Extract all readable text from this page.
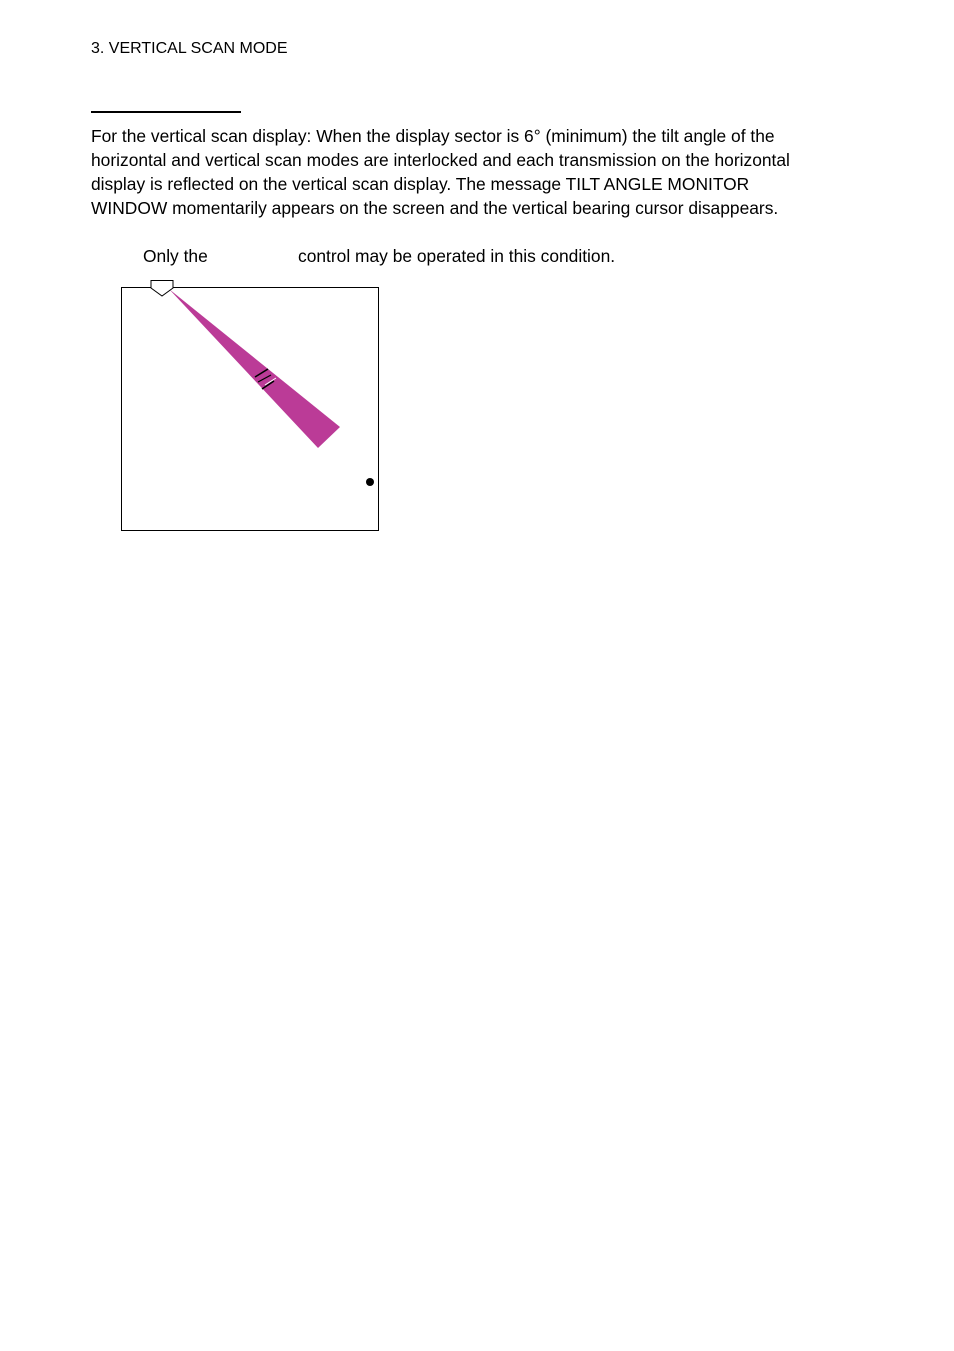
3. VERTICAL SCAN MODE
For the vertical scan display: When the display sector is 6° (minimum) the tilt angle of the
horizontal and vertical scan modes are interlocked and each transmission on the horizontal
display is reflected on the vertical scan display. The message TILT ANGLE MONITOR
WINDOW momentarily appears on the screen and the vertical bearing cursor disappears.
Only the	control may be operated in this condition.
